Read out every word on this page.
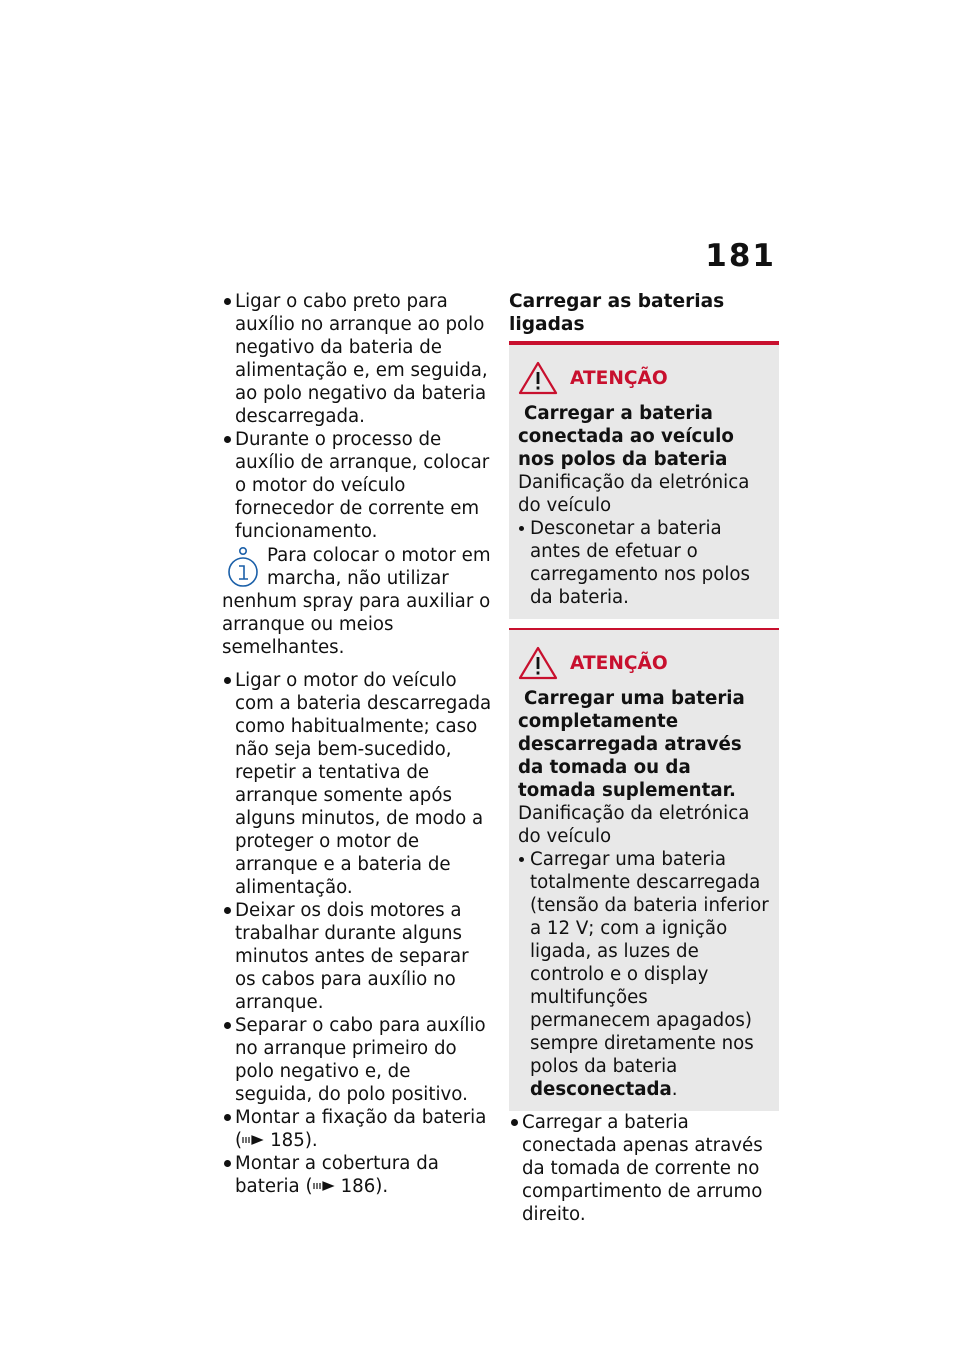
181
Ligar o cabo preto para auxílio no arranque ao polo negativo da bateria de alimentação e, em seguida, ao polo negativo da bateria descarregada.
Durante o processo de auxílio de arranque, colocar o motor do veículo fornecedor de corrente em funcionamento.
Para colocar o motor em marcha, não utilizar nenhum spray para auxiliar o arranque ou meios semelhantes.
Ligar o motor do veículo com a bateria descarregada como habitualmente; caso não seja bem-sucedido, repetir a tentativa de arranque somente após alguns minutos, de modo a proteger o motor de arranque e a bateria de alimentação.
Deixar os dois motores a trabalhar durante alguns minutos antes de separar os cabos para auxílio no arranque.
Separar o cabo para auxílio no arranque primeiro do polo negativo e, de seguida, do polo positivo.
Montar a fixação da bateria ( 185).
Montar a cobertura da bateria ( 186).
Carregar as baterias ligadas
ATENÇÃO
Carregar a bateria conectada ao veículo nos polos da bateria
Danificação da eletrónica do veículo
Desconetar a bateria antes de efetuar o carregamento nos polos da bateria.
ATENÇÃO
Carregar uma bateria completamente descarregada através da tomada ou da tomada suplementar.
Danificação da eletrónica do veículo
Carregar uma bateria totalmente descarregada (tensão da bateria inferior a 12 V; com a ignição ligada, as luzes de controlo e o display multifunções permanecem apagados) sempre diretamente nos polos da bateria desconectada.
Carregar a bateria conectada apenas através da tomada de corrente no compartimento de arrumo direito.
